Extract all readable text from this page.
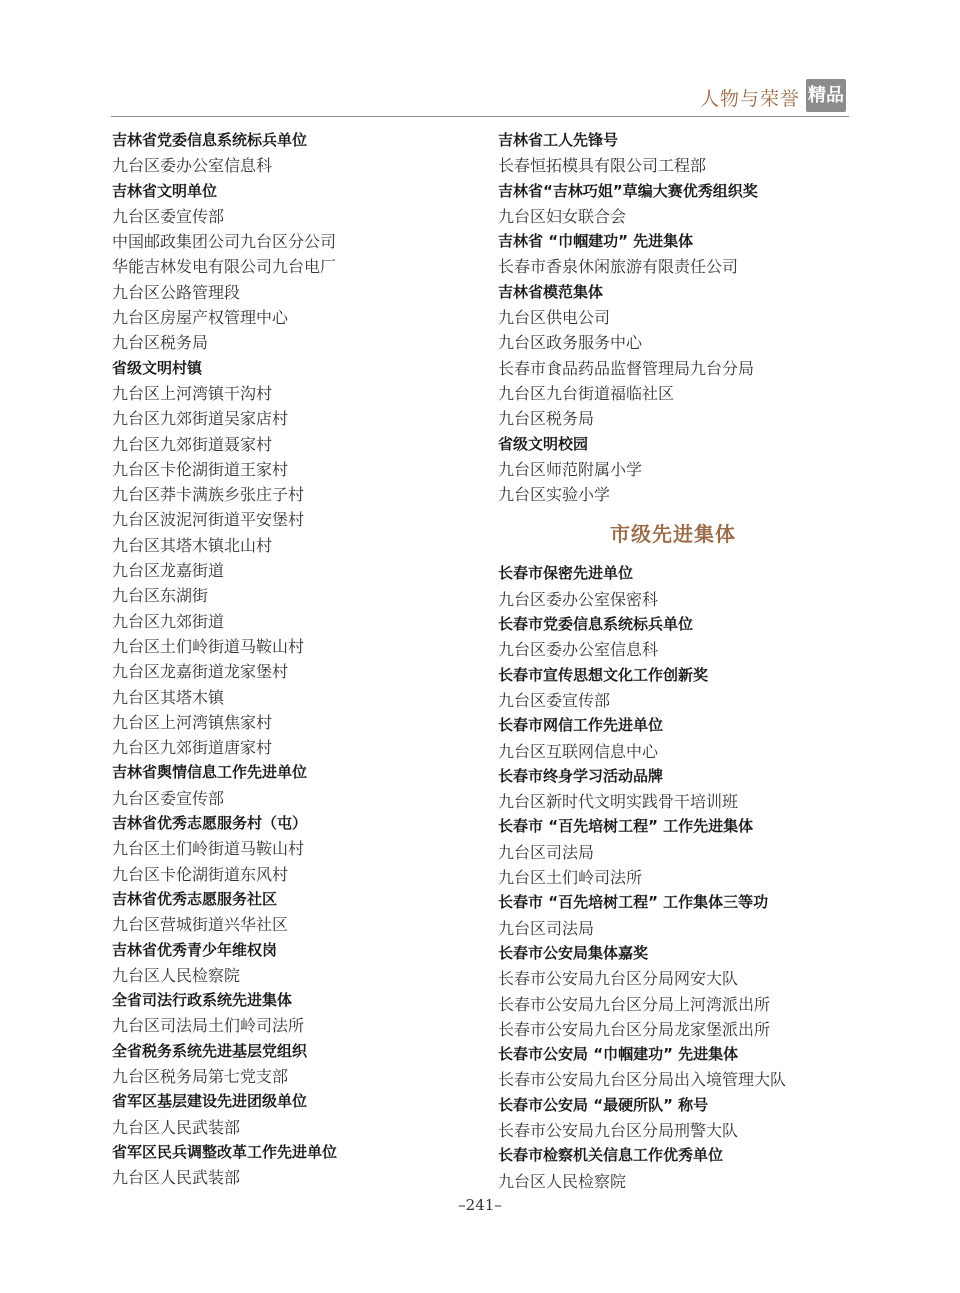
人物与荣誉 精品
吉林省党委信息系统标兵单位
九台区委办公室信息科
吉林省文明单位
九台区委宣传部
中国邮政集团公司九台区分公司
华能吉林发电有限公司九台电厂
九台区公路管理段
九台区房屋产权管理中心
九台区税务局
省级文明村镇
九台区上河湾镇干沟村
九台区九郊街道吴家店村
九台区九郊街道聂家村
九台区卡伦湖街道王家村
九台区莽卡满族乡张庄子村
九台区波泥河街道平安堡村
九台区其塔木镇北山村
九台区龙嘉街道
九台区东湖街
九台区九郊街道
九台区土们岭街道马鞍山村
九台区龙嘉街道龙家堡村
九台区其塔木镇
九台区上河湾镇焦家村
九台区九郊街道唐家村
吉林省舆情信息工作先进单位
九台区委宣传部
吉林省优秀志愿服务村（屯）
九台区土们岭街道马鞍山村
九台区卡伦湖街道东风村
吉林省优秀志愿服务社区
九台区营城街道兴华社区
吉林省优秀青少年维权岗
九台区人民检察院
全省司法行政系统先进集体
九台区司法局土们岭司法所
全省税务系统先进基层党组织
九台区税务局第七党支部
省军区基层建设先进团级单位
九台区人民武装部
省军区民兵调整改革工作先进单位
九台区人民武装部
吉林省工人先锋号
长春恒拓模具有限公司工程部
吉林省“吉林巧姐”草编大赛优秀组织奖
九台区妇女联合会
吉林省 “巾帼建功” 先进集体
长春市香泉休闲旅游有限责任公司
吉林省模范集体
九台区供电公司
九台区政务服务中心
长春市食品药品监督管理局九台分局
九台区九台街道福临社区
九台区税务局
省级文明校园
九台区师范附属小学
九台区实验小学
市级先进集体
长春市保密先进单位
九台区委办公室保密科
长春市党委信息系统标兵单位
九台区委办公室信息科
长春市宣传思想文化工作创新奖
九台区委宣传部
长春市网信工作先进单位
九台区互联网信息中心
长春市终身学习活动品牌
九台区新时代文明实践骨干培训班
长春市 “百先培树工程” 工作先进集体
九台区司法局
九台区土们岭司法所
长春市 “百先培树工程” 工作集体三等功
九台区司法局
长春市公安局集体嘉奖
长春市公安局九台区分局网安大队
长春市公安局九台区分局上河湾派出所
长春市公安局九台区分局龙家堡派出所
长春市公安局 “巾帼建功” 先进集体
长春市公安局九台区分局出入境管理大队
长春市公安局 “最硬所队” 称号
长春市公安局九台区分局刑警大队
长春市检察机关信息工作优秀单位
九台区人民检察院
–241–
